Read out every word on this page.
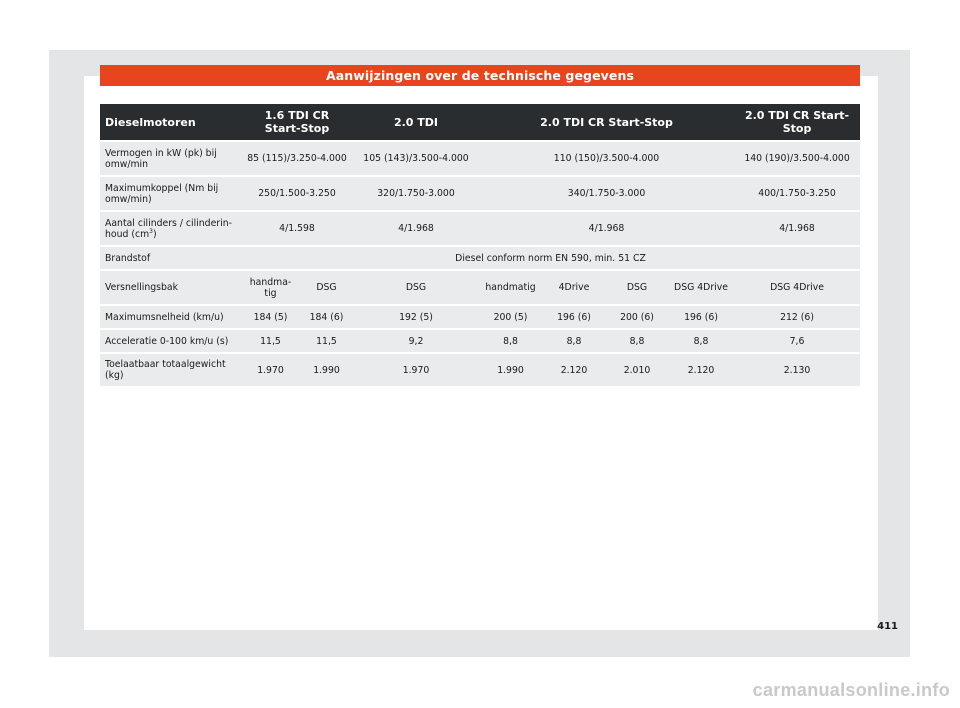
Aanwijzingen over de technische gegevens
Dieselmotoren	1.6 TDI CR Start-Stop		2.0 TDI	2.0 TDI CR Start-Stop				2.0 TDI CR Start-Stop
Vermogen in kW (pk) bij omw/min	85 (115)/3.250-4.000		105 (143)/3.500-4.000	110 (150)/3.500-4.000				140 (190)/3.500-4.000
Maximumkoppel (Nm bij omw/min)	250/1.500-3.250		320/1.750-3.000	340/1.750-3.000				400/1.750-3.250
Aantal cilinders / cilinderin-houd $(cm^3)$	4/1.598		4/1.968	4/1.968				4/1.968
Brandstof	Diesel conform norm EN 590, min. 51 CZ							
Versnellingsbak	handma-tig	DSG	DSG	handmatig	4Drive	DSG	DSG 4Drive	DSG 4Drive
Maximumsnelheid (km/u)	184 (5)	184 (6)	192 (5)	200 (5)	196 (6)	200 (6)	196 (6)	212 (6)
Acceleratie 0-100 km/u (s)	11,5	11,5	9,2	8,8	8,8	8,8	8,8	7,6
Toelaatbaar totaalgewicht (kg)	1.970	1.990	1.970	1.990	2.120	2.010	2.120	2.130
411
carmanualsonline.info
